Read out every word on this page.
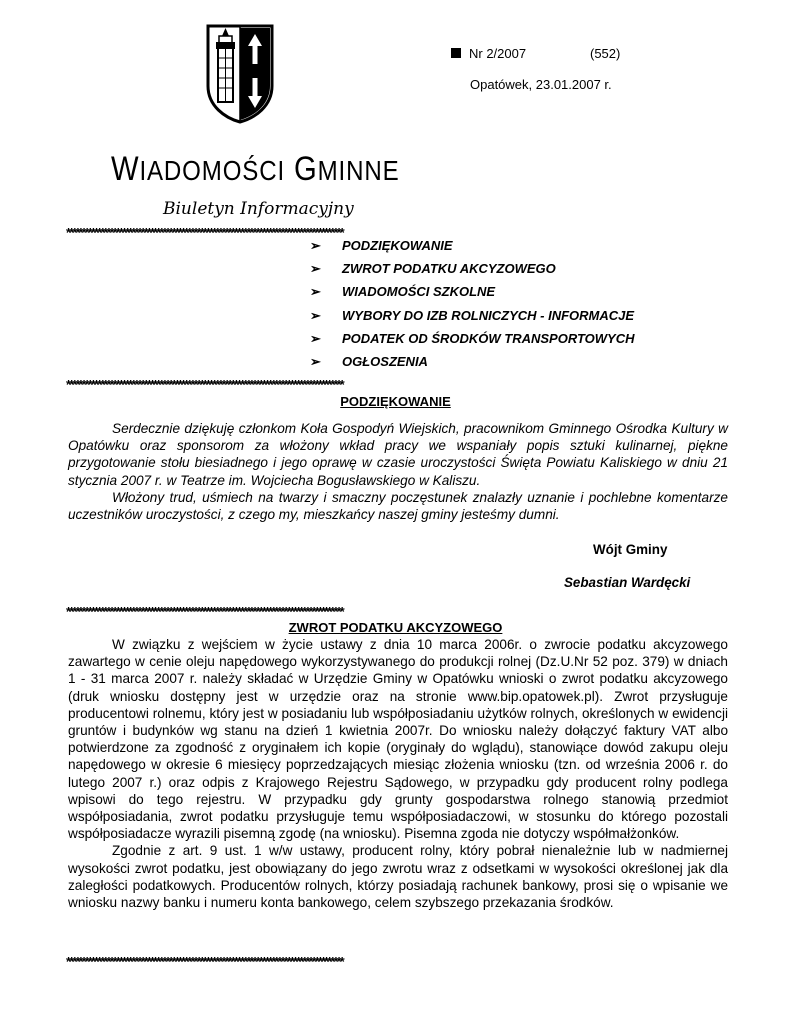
Nr 2/2007	(552)
Opatówek, 23.01.2007 r.
WIADOMOŚCI GMINNE
Biuletyn Informacyjny
*****************************************************************************************
➢ PODZIĘKOWANIE
➢ ZWROT PODATKU AKCYZOWEGO
➢ WIADOMOŚCI SZKOLNE
➢ WYBORY DO IZB ROLNICZYCH - INFORMACJE
➢ PODATEK OD ŚRODKÓW TRANSPORTOWYCH
➢ OGŁOSZENIA
*****************************************************************************************
PODZIĘKOWANIE

Serdecznie dziękuję członkom Koła Gospodyń Wiejskich, pracownikom Gminnego Ośrodka Kultury w Opatówku oraz sponsorom za włożony wkład pracy we wspaniały popis sztuki kulinarnej, piękne przygotowanie stołu biesiadnego i jego oprawę w czasie uroczystości Święta Powiatu Kaliskiego w dniu 21 stycznia 2007 r. w Teatrze im. Wojciecha Bogusławskiego w Kaliszu.

Włożony trud, uśmiech na twarzy i smaczny poczęstunek znalazły uznanie i pochlebne komentarze uczestników uroczystości, z czego my, mieszkańcy naszej gminy jesteśmy dumni.

Wójt Gminy
Sebastian Wardęcki
*****************************************************************************************
ZWROT PODATKU AKCYZOWEGO

W związku z wejściem w życie ustawy z dnia 10 marca 2006r. o zwrocie podatku akcyzowego zawartego w cenie oleju napędowego wykorzystywanego do produkcji rolnej (Dz.U.Nr 52 poz. 379) w dniach 1 - 31 marca 2007 r. należy składać w Urzędzie Gminy w Opatówku wnioski o zwrot podatku akcyzowego (druk wniosku dostępny jest w urzędzie oraz na stronie www.bip.opatowek.pl). Zwrot przysługuje producentowi rolnemu, który jest w posiadaniu lub współposiadaniu użytków rolnych, określonych w ewidencji gruntów i budynków wg stanu na dzień 1 kwietnia 2007r. Do wniosku należy dołączyć faktury VAT albo potwierdzone za zgodność z oryginałem ich kopie (oryginały do wglądu), stanowiące dowód zakupu oleju napędowego w okresie 6 miesięcy poprzedzających miesiąc złożenia wniosku (tzn. od września 2006 r. do lutego 2007 r.) oraz odpis z Krajowego Rejestru Sądowego, w przypadku gdy producent rolny podlega wpisowi do tego rejestru. W przypadku gdy grunty gospodarstwa rolnego stanowią przedmiot współposiadania, zwrot podatku przysługuje temu współposiadaczowi, w stosunku do którego pozostali współposiadacze wyrazili pisemną zgodę (na wniosku). Pisemna zgoda nie dotyczy współmałżonków.

Zgodnie z art. 9 ust. 1 w/w ustawy, producent rolny, który pobrał nienależnie lub w nadmiernej wysokości zwrot podatku, jest obowiązany do jego zwrotu wraz z odsetkami w wysokości określonej jak dla zaległości podatkowych. Producentów rolnych, którzy posiadają rachunek bankowy, prosi się o wpisanie we wniosku nazwy banku i numeru konta bankowego, celem szybszego przekazania środków.

*****************************************************************************************
